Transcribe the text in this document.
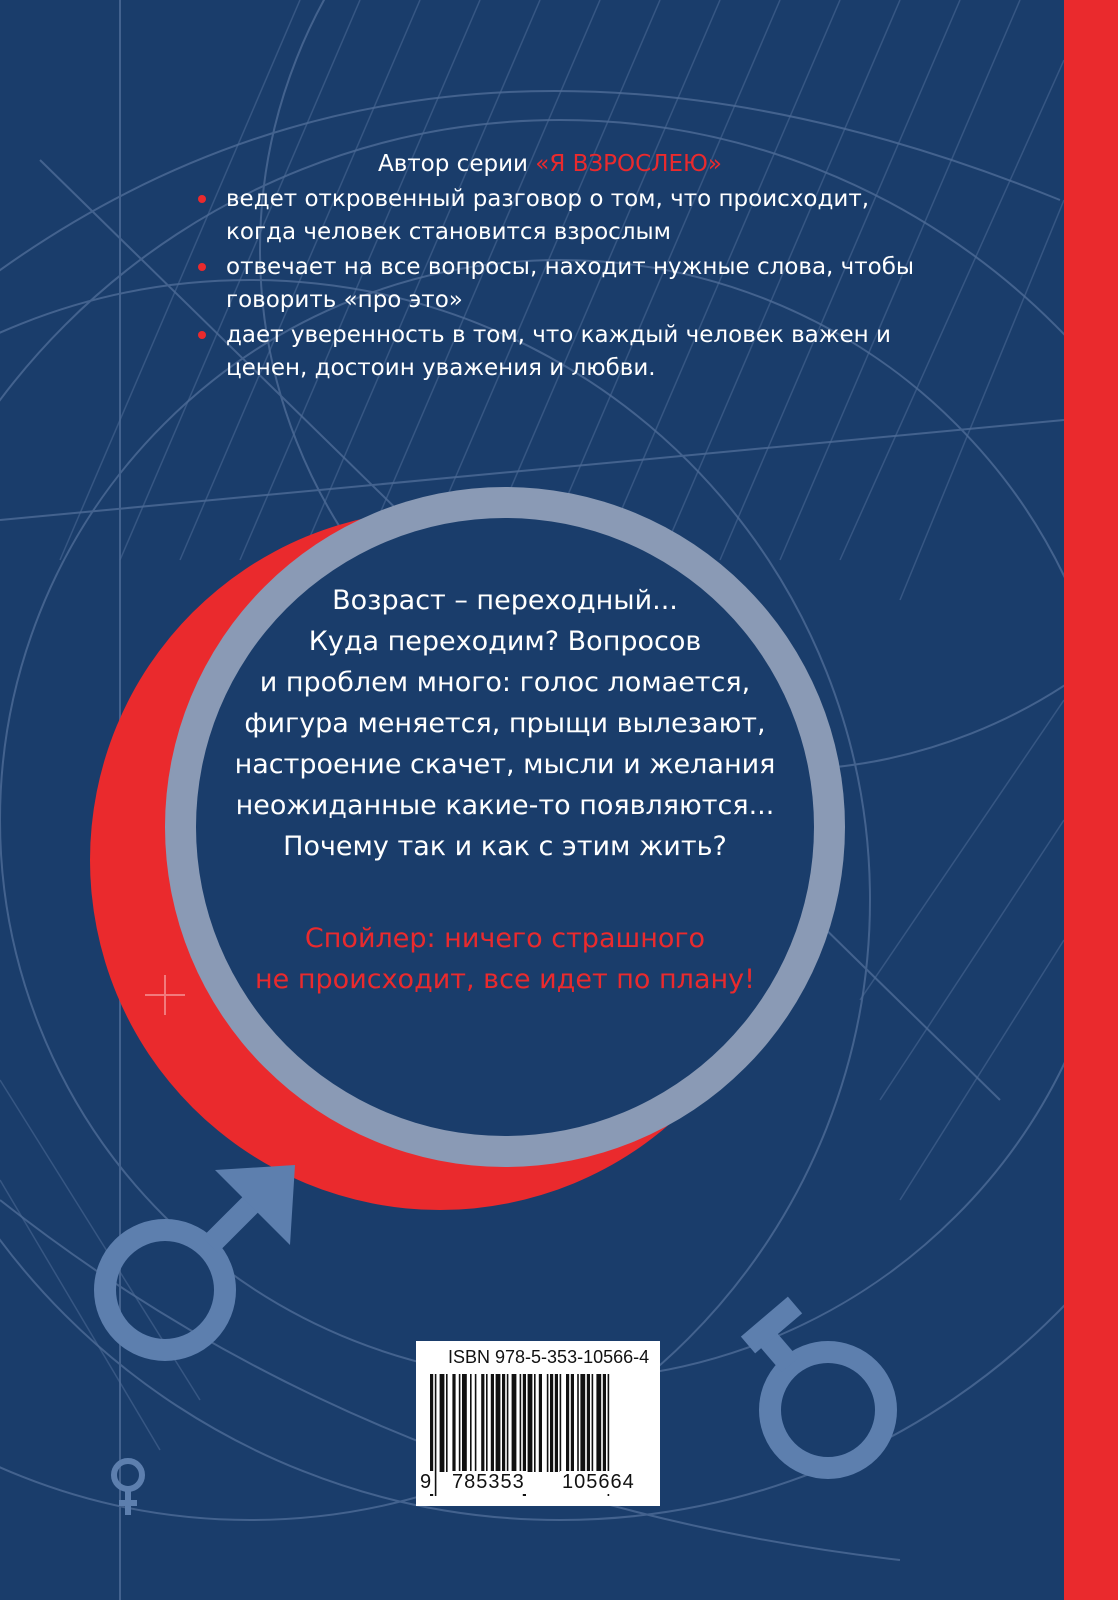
Автор серии «Я ВЗРОСЛЕЮ»
ведет откровенный разговор о том, что происходит, когда человек становится взрослым
отвечает на все вопросы, находит нужные слова, чтобы говорить «про это»
дает уверенность в том, что каждый человек важен и ценен, достоин уважения и любви.
Возраст – переходный...
Куда переходим? Вопросов
и проблем много: голос ломается,
фигура меняется, прыщи вылезают,
настроение скачет, мысли и желания
неожиданные какие-то появляются...
Почему так и как с этим жить?
Спойлер: ничего страшного
не происходит, все идет по плану!
ISBN 978-5-353-10566-4
9 785353 105664
